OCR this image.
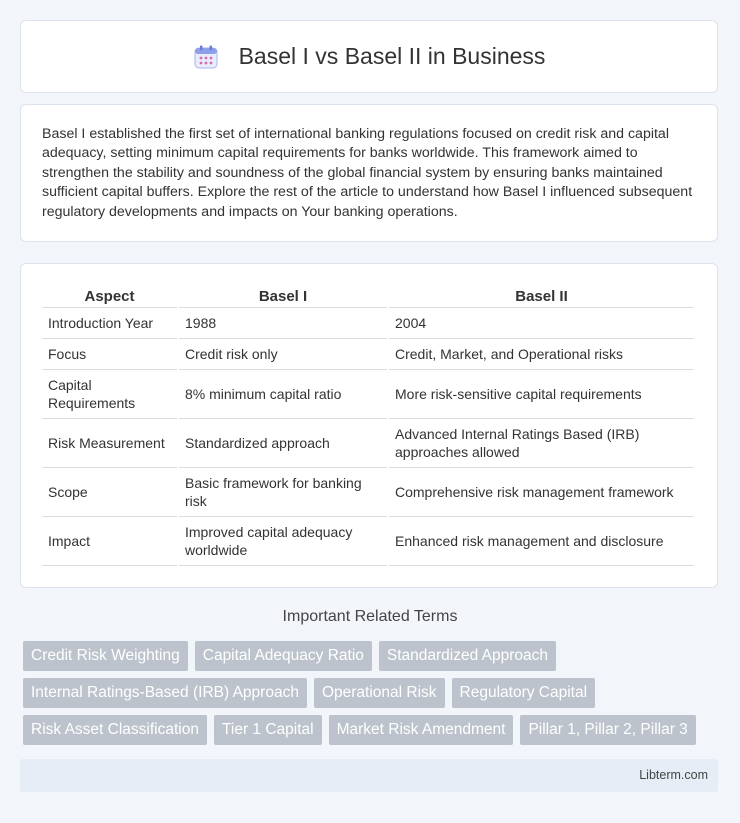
Basel I vs Basel II in Business

Basel I established the first set of international banking regulations focused on credit risk and capital adequacy, setting minimum capital requirements for banks worldwide. This framework aimed to strengthen the stability and soundness of the global financial system by ensuring banks maintained sufficient capital buffers. Explore the rest of the article to understand how Basel I influenced subsequent regulatory developments and impacts on Your banking operations.

Aspect	Basel I	Basel II
Introduction Year	1988	2004
Focus	Credit risk only	Credit, Market, and Operational risks
Capital Requirements	8% minimum capital ratio	More risk-sensitive capital requirements
Risk Measurement	Standardized approach	Advanced Internal Ratings Based (IRB) approaches allowed
Scope	Basic framework for banking risk	Comprehensive risk management framework
Impact	Improved capital adequacy worldwide	Enhanced risk management and disclosure
Important Related Terms
Credit Risk Weighting	Capital Adequacy Ratio	Standardized Approach
Internal Ratings-Based (IRB) Approach	Operational Risk	Regulatory Capital
Risk Asset Classification	Tier 1 Capital	Market Risk Amendment	Pillar 1, Pillar 2, Pillar 3
Libterm.com
